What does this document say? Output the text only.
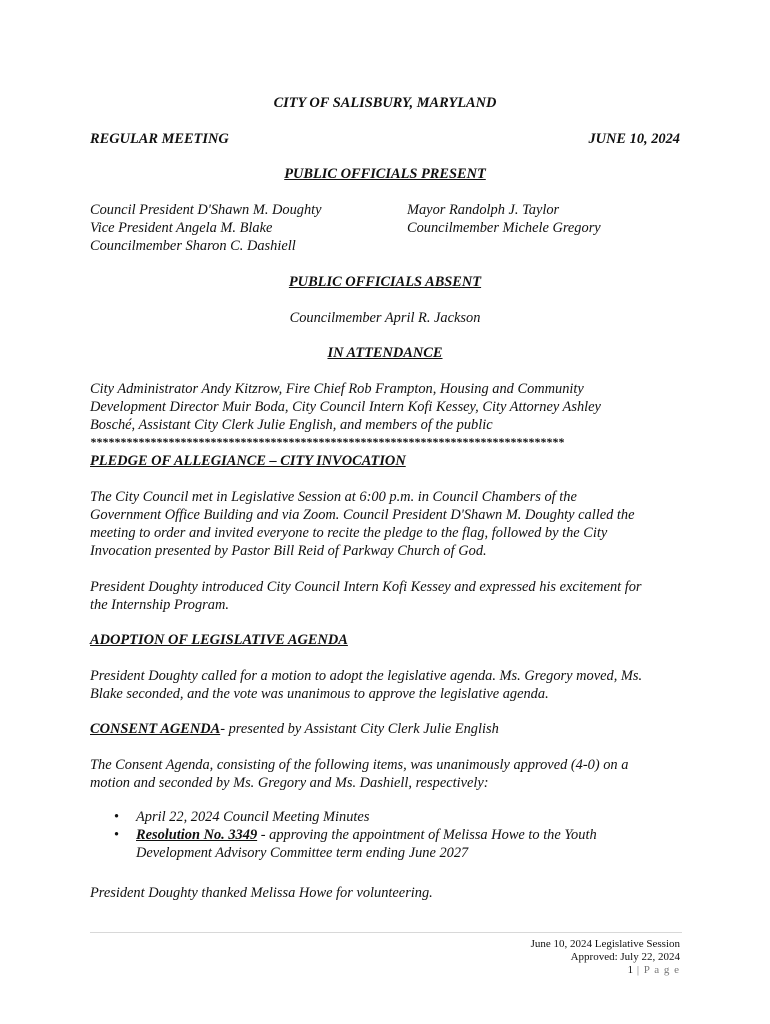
CITY OF SALISBURY, MARYLAND
REGULAR MEETING	JUNE 10, 2024
PUBLIC OFFICIALS PRESENT
Council President D'Shawn M. Doughty
Vice President Angela M. Blake
Councilmember Sharon C. Dashiell
Mayor Randolph J. Taylor
Councilmember Michele Gregory
PUBLIC OFFICIALS ABSENT
Councilmember April R. Jackson
IN ATTENDANCE
City Administrator Andy Kitzrow, Fire Chief Rob Frampton, Housing and Community
Development Director Muir Boda, City Council Intern Kofi Kessey, City Attorney Ashley
Bosché, Assistant City Clerk Julie English, and members of the public
*******************************************************************************
PLEDGE OF ALLEGIANCE – CITY INVOCATION
The City Council met in Legislative Session at 6:00 p.m. in Council Chambers of the
Government Office Building and via Zoom. Council President D'Shawn M. Doughty called the
meeting to order and invited everyone to recite the pledge to the flag, followed by the City
Invocation presented by Pastor Bill Reid of Parkway Church of God.
President Doughty introduced City Council Intern Kofi Kessey and expressed his excitement for
the Internship Program.
ADOPTION OF LEGISLATIVE AGENDA
President Doughty called for a motion to adopt the legislative agenda. Ms. Gregory moved, Ms.
Blake seconded, and the vote was unanimous to approve the legislative agenda.
CONSENT AGENDA- presented by Assistant City Clerk Julie English
The Consent Agenda, consisting of the following items, was unanimously approved (4-0) on a
motion and seconded by Ms. Gregory and Ms. Dashiell, respectively:
• April 22, 2024 Council Meeting Minutes
• Resolution No. 3349 - approving the appointment of Melissa Howe to the Youth
Development Advisory Committee term ending June 2027
President Doughty thanked Melissa Howe for volunteering.
June 10, 2024 Legislative Session
Approved: July 22, 2024
1 | P a g e
